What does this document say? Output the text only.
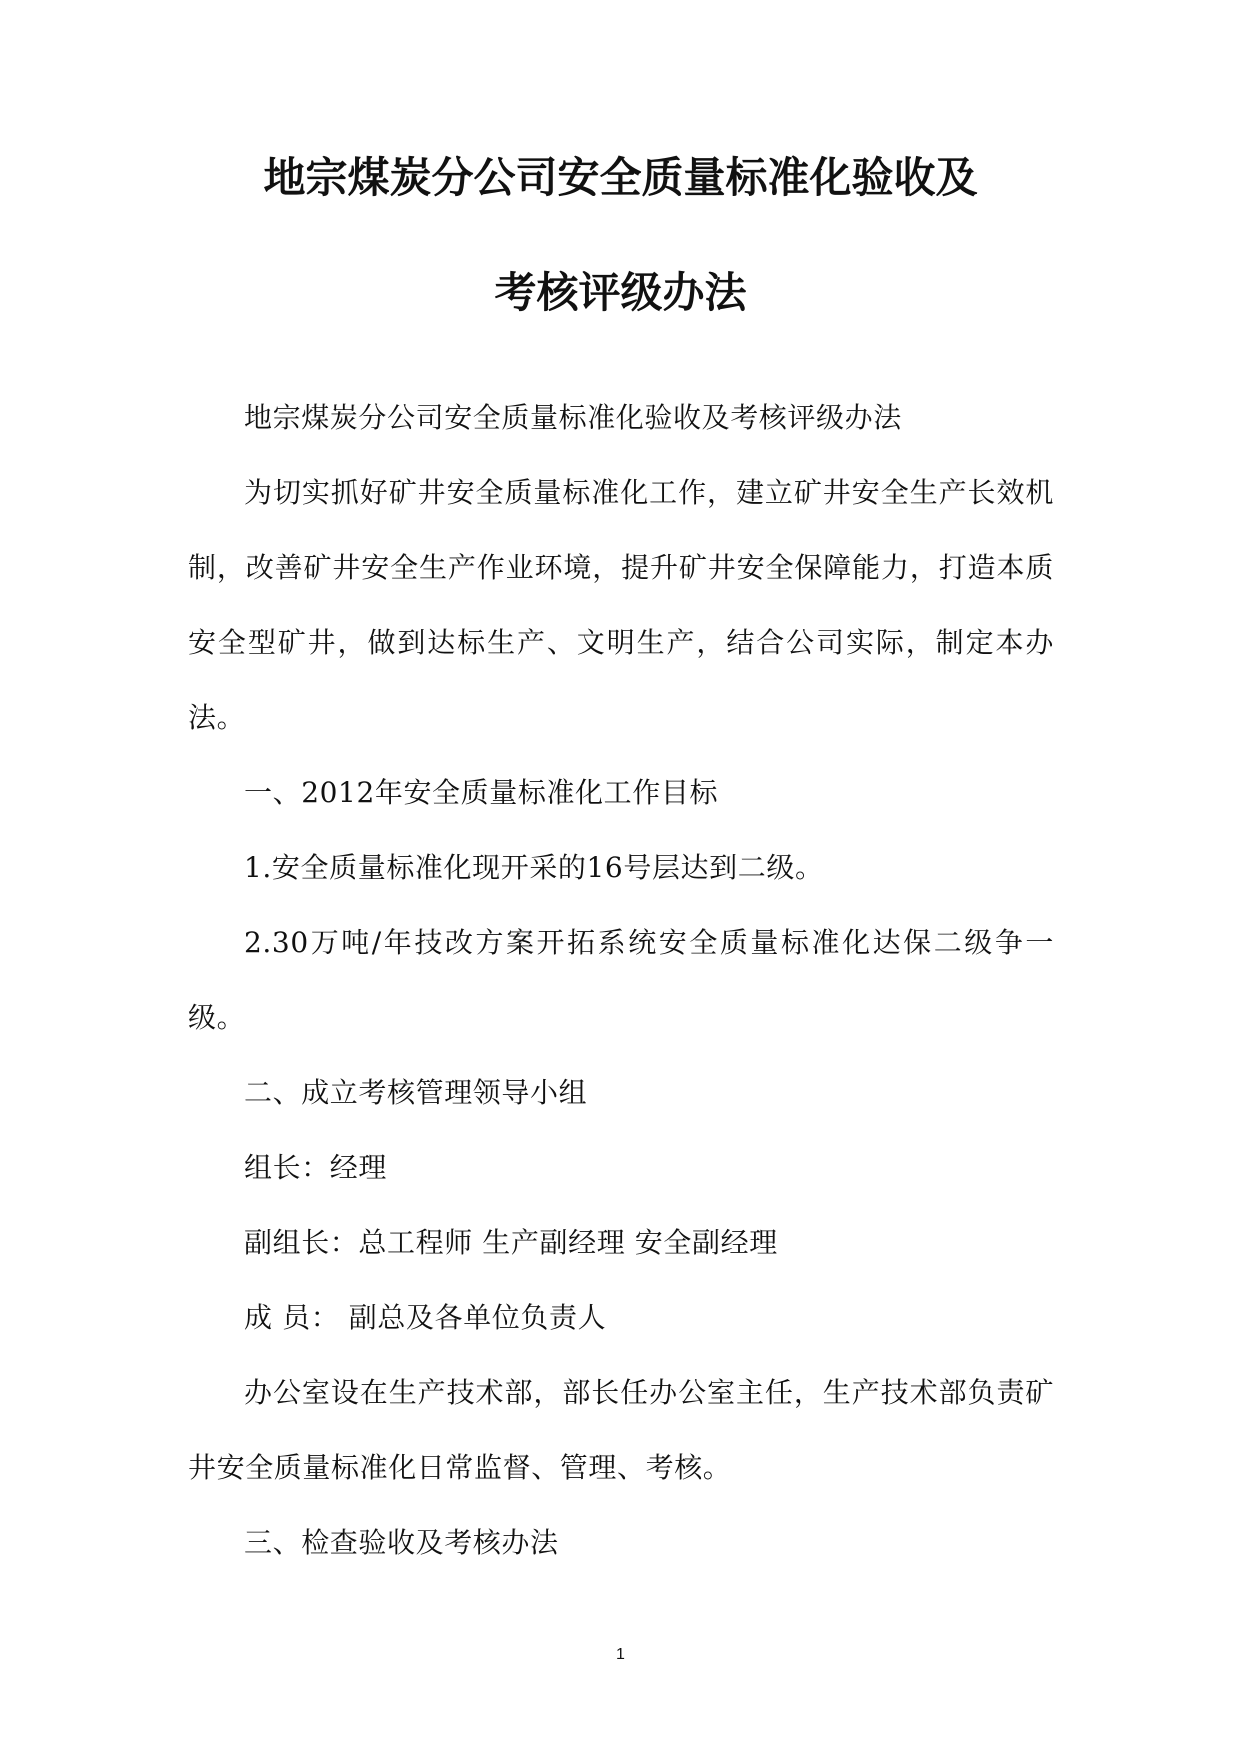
地宗煤炭分公司安全质量标准化验收及
考核评级办法

地宗煤炭分公司安全质量标准化验收及考核评级办法

为切实抓好矿井安全质量标准化工作，建立矿井安全生产长效机制，改善矿井安全生产作业环境，提升矿井安全保障能力，打造本质安全型矿井，做到达标生产、文明生产，结合公司实际，制定本办法。

一、2012年安全质量标准化工作目标

1.安全质量标准化现开采的16号层达到二级。

2.30万吨/年技改方案开拓系统安全质量标准化达保二级争一级。

二、成立考核管理领导小组

组长：经理

副组长：总工程师 生产副经理 安全副经理

成 员： 副总及各单位负责人

办公室设在生产技术部，部长任办公室主任，生产技术部负责矿井安全质量标准化日常监督、管理、考核。

三、检查验收及考核办法

1
